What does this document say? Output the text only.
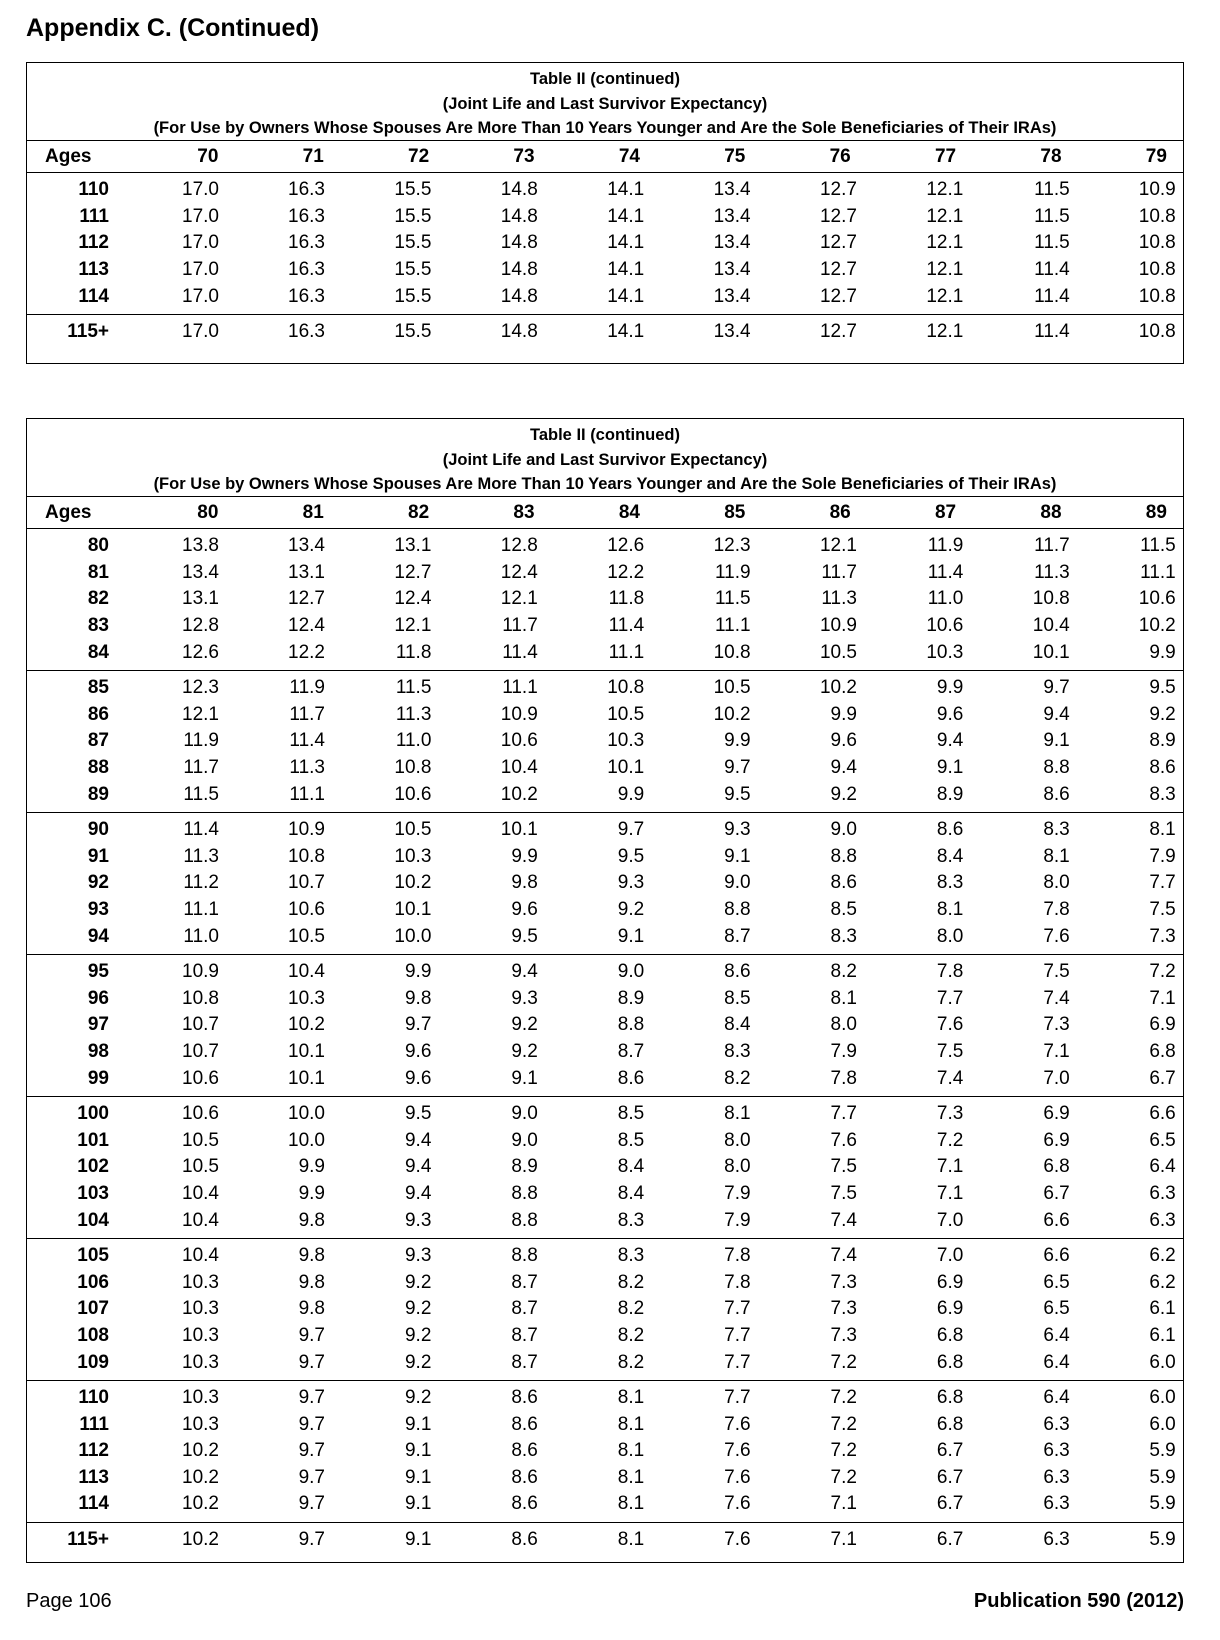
Appendix C. (Continued)
Table II (continued)
(Joint Life and Last Survivor Expectancy)
(For Use by Owners Whose Spouses Are More Than 10 Years Younger and Are the Sole Beneficiaries of Their IRAs)
Ages	70	71	72	73	74	75	76	77	78	79
110	17.0	16.3	15.5	14.8	14.1	13.4	12.7	12.1	11.5	10.9
111	17.0	16.3	15.5	14.8	14.1	13.4	12.7	12.1	11.5	10.8
112	17.0	16.3	15.5	14.8	14.1	13.4	12.7	12.1	11.5	10.8
113	17.0	16.3	15.5	14.8	14.1	13.4	12.7	12.1	11.4	10.8
114	17.0	16.3	15.5	14.8	14.1	13.4	12.7	12.1	11.4	10.8
115+	17.0	16.3	15.5	14.8	14.1	13.4	12.7	12.1	11.4	10.8
Table II (continued)
(Joint Life and Last Survivor Expectancy)
(For Use by Owners Whose Spouses Are More Than 10 Years Younger and Are the Sole Beneficiaries of Their IRAs)
Ages	80	81	82	83	84	85	86	87	88	89
80	13.8	13.4	13.1	12.8	12.6	12.3	12.1	11.9	11.7	11.5
81	13.4	13.1	12.7	12.4	12.2	11.9	11.7	11.4	11.3	11.1
82	13.1	12.7	12.4	12.1	11.8	11.5	11.3	11.0	10.8	10.6
83	12.8	12.4	12.1	11.7	11.4	11.1	10.9	10.6	10.4	10.2
84	12.6	12.2	11.8	11.4	11.1	10.8	10.5	10.3	10.1	9.9
85	12.3	11.9	11.5	11.1	10.8	10.5	10.2	9.9	9.7	9.5
86	12.1	11.7	11.3	10.9	10.5	10.2	9.9	9.6	9.4	9.2
87	11.9	11.4	11.0	10.6	10.3	9.9	9.6	9.4	9.1	8.9
88	11.7	11.3	10.8	10.4	10.1	9.7	9.4	9.1	8.8	8.6
89	11.5	11.1	10.6	10.2	9.9	9.5	9.2	8.9	8.6	8.3
90	11.4	10.9	10.5	10.1	9.7	9.3	9.0	8.6	8.3	8.1
91	11.3	10.8	10.3	9.9	9.5	9.1	8.8	8.4	8.1	7.9
92	11.2	10.7	10.2	9.8	9.3	9.0	8.6	8.3	8.0	7.7
93	11.1	10.6	10.1	9.6	9.2	8.8	8.5	8.1	7.8	7.5
94	11.0	10.5	10.0	9.5	9.1	8.7	8.3	8.0	7.6	7.3
95	10.9	10.4	9.9	9.4	9.0	8.6	8.2	7.8	7.5	7.2
96	10.8	10.3	9.8	9.3	8.9	8.5	8.1	7.7	7.4	7.1
97	10.7	10.2	9.7	9.2	8.8	8.4	8.0	7.6	7.3	6.9
98	10.7	10.1	9.6	9.2	8.7	8.3	7.9	7.5	7.1	6.8
99	10.6	10.1	9.6	9.1	8.6	8.2	7.8	7.4	7.0	6.7
100	10.6	10.0	9.5	9.0	8.5	8.1	7.7	7.3	6.9	6.6
101	10.5	10.0	9.4	9.0	8.5	8.0	7.6	7.2	6.9	6.5
102	10.5	9.9	9.4	8.9	8.4	8.0	7.5	7.1	6.8	6.4
103	10.4	9.9	9.4	8.8	8.4	7.9	7.5	7.1	6.7	6.3
104	10.4	9.8	9.3	8.8	8.3	7.9	7.4	7.0	6.6	6.3
105	10.4	9.8	9.3	8.8	8.3	7.8	7.4	7.0	6.6	6.2
106	10.3	9.8	9.2	8.7	8.2	7.8	7.3	6.9	6.5	6.2
107	10.3	9.8	9.2	8.7	8.2	7.7	7.3	6.9	6.5	6.1
108	10.3	9.7	9.2	8.7	8.2	7.7	7.3	6.8	6.4	6.1
109	10.3	9.7	9.2	8.7	8.2	7.7	7.2	6.8	6.4	6.0
110	10.3	9.7	9.2	8.6	8.1	7.7	7.2	6.8	6.4	6.0
111	10.3	9.7	9.1	8.6	8.1	7.6	7.2	6.8	6.3	6.0
112	10.2	9.7	9.1	8.6	8.1	7.6	7.2	6.7	6.3	5.9
113	10.2	9.7	9.1	8.6	8.1	7.6	7.2	6.7	6.3	5.9
114	10.2	9.7	9.1	8.6	8.1	7.6	7.1	6.7	6.3	5.9
115+	10.2	9.7	9.1	8.6	8.1	7.6	7.1	6.7	6.3	5.9
Page 106	Publication 590 (2012)
